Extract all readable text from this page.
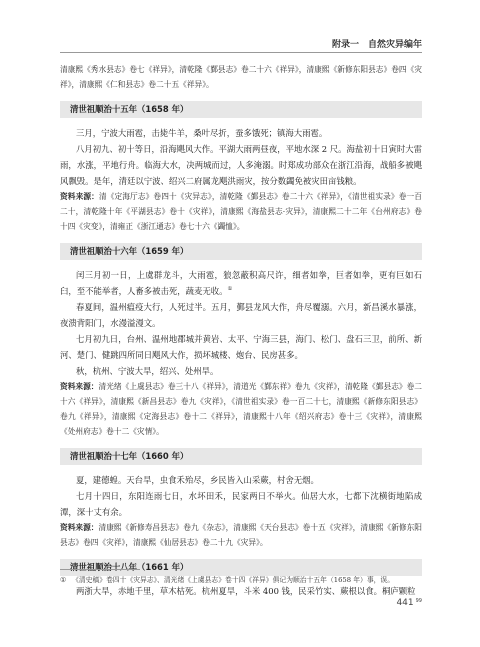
附录一　自然灾异编年

清康熙《秀水县志》卷七《祥异》，清乾隆《鄞县志》卷二十六《祥异》，清康熙《新修东阳县志》卷四《灾祥》，清康熙《仁和县志》卷二十五《祥异》。

清世祖顺治十五年（1658 年）

三月，宁波大雨雹，击毙牛羊，桑叶尽折，蚕多饿死；镇海大雨雹。

八月初九、初十等日，沿海飓风大作。平湖大雨两昼夜，平地水深 2 尺。海盐初十日寅时大雷雨，水涨，平地行舟。临海大水，决两城而过，人多淹溺。时郑成功部众在浙江沿海，战船多被飓风飘毁。是年，清廷以宁波、绍兴二府属龙飓洪雨灾，按分数蠲免被灾田亩钱粮。

资料来源：清《定海厅志》卷四十《灾异志》，清乾隆《鄞县志》卷二十六《祥异》，《清世祖实录》卷一百二十，清乾隆十年《平湖县志》卷十《灾祥》，清康熙《海盐县志·灾异》，清康熙二十二年《台州府志》卷十四《灾变》，清雍正《浙江通志》卷七十六《蠲恤》。

清世祖顺治十六年（1659 年）

闰三月初一日，上虞群龙斗，大雨雹，狼忽蔽积高尺许，细者如拳，巨者如拳，更有巨如石臼，至不能举者，人畜多被击死，蔬麦无收。①

春夏间，温州瘟疫大行，人死过半。五月，鄞县龙风大作，舟尽覆溺。六月，新昌溪水暴涨，夜溃背阳门，水漫溢漫文。

七月初九日，台州、温州地郡城并黄岩、太平、宁海三县，海门、松门、盘石三卫，前所、新河、楚门、健跳四所同日飓风大作，损坏城楼、炮台、民房甚多。

秋，杭州、宁波大旱，绍兴、处州旱。

资料来源：清光绪《上虞县志》卷三十八《祥异》，清道光《鄞东祥》卷九《灾祥》，清乾隆《鄞县志》卷二十六《祥异》，清康熙《新昌县志》卷九《灾祥》，《清世祖实录》卷一百二十七，清康熙《新修东阳县志》卷九《祥异》，清康熙《定海县志》卷十二《祥异》，清康熙十八年《绍兴府志》卷十三《灾祥》，清康熙《处州府志》卷十二《灾情》。

清世祖顺治十七年（1660 年）

夏，建德蝗。天台旱，虫食禾殆尽，乡民皆入山采蕨，村舍无烟。

七月十四日，东阳连雨七日，水坏田禾，民家两日不举火。仙居大水，七都下沈横街地陷成潭，深十丈有余。

资料来源：清康熙《新修寿昌县志》卷九《杂志》，清康熙《天台县志》卷十五《灾祥》，清康熙《新修东阳县志》卷四《灾祥》，清康熙《仙居县志》卷二十九《灾异》。

清世祖顺治十八年（1661 年）

两浙大旱，赤地千里，草木枯死。杭州夏旱，斗米 400 钱，民采竹实、蕨根以食。桐庐颗粒

① 《清史稿》卷四十《灾异志》、清光绪《上虞县志》卷十四《祥异》俱记为顺治十五年（1658 年）事，误。

441 $^{99}$
